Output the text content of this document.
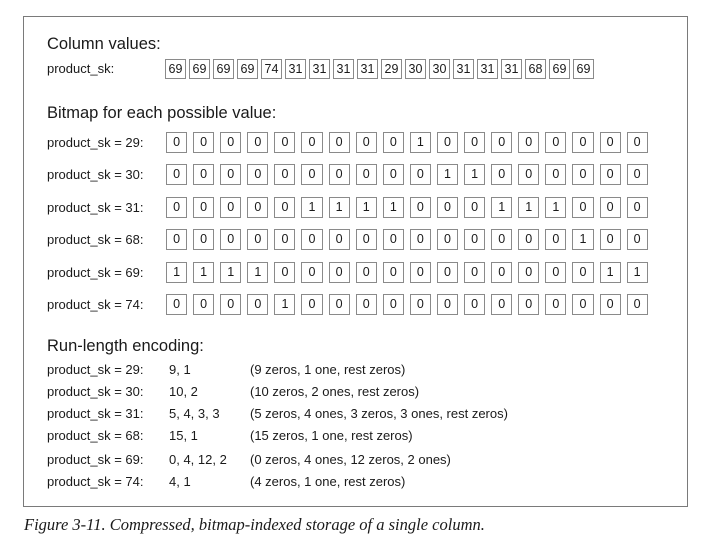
Column values:
product_sk:	69 69 69 69 74 31 31 31 31 29 30 30 31 31 31 68 69 69
Bitmap for each possible value:
product_sk = 29:	0	0	0	0	0	0	0	0	0	1	0	0	0	0	0	0	0	0
product_sk = 30:	0	0	0	0	0	0	0	0	0	0	1	1	0	0	0	0	0	0
product_sk = 31:	0	0	0	0	0	1	1	1	1	0	0	0	1	1	1	0	0	0
product_sk = 68:	0	0	0	0	0	0	0	0	0	0	0	0	0	0	0	1	0	0
product_sk = 69:	1	1	1	1	0	0	0	0	0	0	0	0	0	0	0	0	1	1
product_sk = 74:	0	0	0	0	1	0	0	0	0	0	0	0	0	0	0	0	0	0
Run-length encoding:
product_sk = 29: 9, 1	(9 zeros, 1 one, rest zeros)
product_sk = 30: 10, 2	(10 zeros, 2 ones, rest zeros)
product_sk = 31: 5, 4, 3, 3 (5 zeros, 4 ones, 3 zeros, 3 ones, rest zeros)
product_sk = 68: 15, 1	(15 zeros, 1 one, rest zeros)
product_sk = 69: 0, 4, 12, 2 (0 zeros, 4 ones, 12 zeros, 2 ones)
product_sk = 74: 4, 1	(4 zeros, 1 one, rest zeros)
Figure 3-11. Compressed, bitmap-indexed storage of a single column.
